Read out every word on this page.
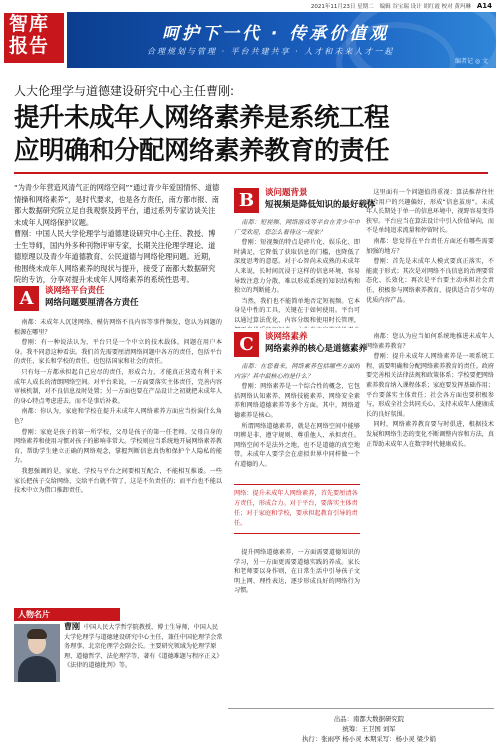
2021年11月23日 星期二 编辑 谷宝瑞 设计 胡红霞 校对 黄玛琳 A14
智库
报告
呵护下一代 · 传承价值观
合理规划与管理 · 平台共建共享 · 人才和未来人才一起
编者记 ◎ 文
人大伦理学与道德建设研究中心主任曹刚:
提升未成年人网络素养是系统工程
应明确和分配网络素养教育的责任
“为青少年营造风清气正的网络空间”“通过青少年爱国情怀、道德情操和网络素养”，是时代要求，也是各方责任，南方都市报、南都大数据研究院立足自我观察及跨平台，通过系列专家访谈关注未成年人网络保护议题。
曹刚：中国人民大学伦理学与道德建设研究中心主任、教授、博士生导师，国内外多种刊物评审专家，长期关注伦理学理论、道德原理以及青少年道德教育、公民道德与网络伦理问题。近期，他围绕未成年人网络素养的现状与提升，接受了南都大数据研究院的专访，分享对提升未成年人网络素养的系统性思考。
A	谈网络平台责任
网络问题要厘清各方责任

南都：未成年人沉迷网络、模仿网络不良内容等事件频发，您认为问题的根源在哪里？

曹刚：有一种说法认为，平台只是一个中立的技术载体，问题在用户本身。我不同意这种看法。我们首先需要厘清网络问题中各方的责任，包括平台的责任、家长和学校的责任，也包括国家和社会的责任。

只有每一方都承担起自己应尽的责任，形成合力，才能真正营造有利于未成年人成长的清朗网络空间。对平台来说，一方面要落实主体责任，完善内容审核机制，对不良信息及时处置；另一方面也要在产品设计之初就把未成年人的身心特点考虑进去，而不是事后补救。

南都：你认为，家庭和学校在提升未成年人网络素养方面应当扮演什么角色？

曹刚：家庭是孩子的第一所学校，父母是孩子的第一任老师。父母自身的网络素养和使用习惯对孩子的影响非常大。学校则应当系统地开展网络素养教育，帮助学生建立正确的网络观念，掌握判断信息真伪和保护个人隐私的能力。

我想强调的是，家庭、学校与平台之间要相互配合，不能相互推诿。一些家长把孩子交给网络、交给平台就不管了，这是不负责任的；而平台也不能以技术中立为借口推卸责任。

B	谈问题背景
短视频是降低知识的最好载体

南都：短视频、网络游戏等平台在青少年中广受欢迎，您怎么看待这一现象？

曹刚：短视频的特点是碎片化、娱乐化、即时满足，它降低了获取信息的门槛，也降低了深度思考的意愿。对于心智尚未成熟的未成年人来说，长时间沉浸于这样的信息环境，容易导致注意力分散，难以形成系统的知识结构和独立的判断能力。

当然，我们也不能简单地否定短视频。它本身是中性的工具，关键在于如何使用。平台可以通过算法优化、内容分级和使用时长管理，

这里面有一个问题值得重视：算法推荐往往迎合用户的兴趣偏好，形成“信息茧房”。未成年人长期处于单一的信息环境中，视野容易变得狭窄。平台应当在算法设计中引入价值导向，而不是单纯追求流量和停留时长。

南都：您觉得在平台责任方面还有哪些需要加强的地方？

曹刚：首先是未成年人模式要真正落实，不能流于形式；其次是对网络不良信息的治理要常态化、长效化；再次是平台要主动承担社会责任，积极参与网络素养教育，提供适合青少年的优质内容产品。

C	谈网络素养
网络素养的核心是道德素养

南都：在您看来，网络素养包括哪些方面的内容？其中最核心的是什么？

曹刚：网络素养是一个综合性的概念，它包括网络认知素养、网络技能素养、网络安全素养和网络道德素养等多个方面。其中，网络道德素养是核心。

所谓网络道德素养，就是在网络空间中能够明辨是非、遵守规则、尊重他人、承担责任。网络空间不是法外之地，也不是道德的真空地带。未成年人要学会在虚拟世界中同样做一个有道德的人。

网络：提升未成年人网络素养，首先要厘清各方责任，形成合力。对于平台，要落实主体责任；对于家庭和学校，要承担起教育引导的责任。

提升网络道德素养，一方面需要道德知识的学习，另一方面更需要道德实践的养成。家长和老师要以身作则，在日常生活中引导孩子文明上网、理性表达，逐步形成良好的网络行为习惯。

南都：您认为应当如何系统地推进未成年人网络素养教育？

曹刚：提升未成年人网络素养是一项系统工程，需要明确和分配网络素养教育的责任。政府要完善相关法律法规和政策体系；学校要把网络素养教育纳入课程体系；家庭要发挥基础作用；平台要落实主体责任；社会各方面也要积极参与，形成全社会共同关心、支持未成年人健康成长的良好氛围。

同时，网络素养教育要与时俱进，根据技术发展和网络生态的变化不断调整内容和方法，真正帮助未成年人在数字时代健康成长。

人物名片
曹刚 中国人民大学哲学院教授、博士生导师，中国人民大学伦理学与道德建设研究中心主任，兼任中国伦理学会常务理事、北京伦理学会副会长。主要研究领域为伦理学原理、道德哲学、法伦理学等，著有《道德难题与程序正义》《法律的道德批判》等。
出品：南都大数据研究院
统筹：王卫国 刘军
执行：张雨亭 杨小灵 本期采写：杨小灵 梁少娟
